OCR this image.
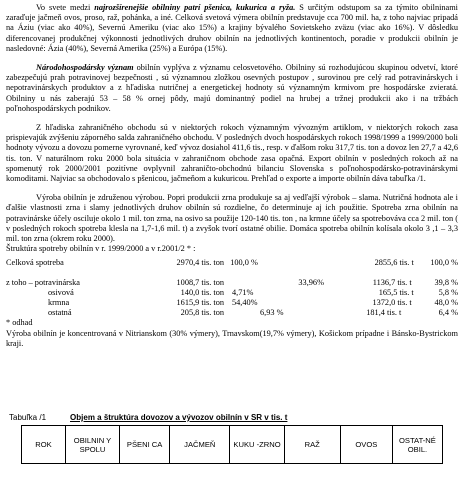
Vo svete medzi najrozšírenejšie obilniny patrí pšenica, kukurica a ryža. S určitým odstupom sa za týmito obilninami zaraďuje jačmeň ovos, proso, raž, pohánka, a iné. Celková svetová výmera obilnín predstavuje cca 700 mil. ha, z toho najviac pripadá na Áziu (viac ako 40%), Severnú Ameriku (viac ako 15%) a krajiny bývalého Sovietskeho zväzu (viac ako 16%). V dôsledku diferencovanej produkčnej výkonnosti jednotlivých druhov obilnín na jednotlivých kontinentoch, poradie v produkcii obilnín je nasledovné: Ázia (40%), Severná Amerika (25%) a Európa (15%).

Národohospodársky význam obilnín vyplýva z významu celosvetového. Obilniny sú rozhodujúcou skupinou odvetví, ktoré zabezpečujú prah potravinovej bezpečnosti , sú významnou zložkou osevných postupov , surovinou pre celý rad potravinárskych i nepotravinárskych produktov a z hľadiska nutričnej a energetickej hodnoty sú významným krmivom pre hospodárske zvieratá. Obilniny u nás zaberajú 53 – 58 % ornej pôdy, majú dominantný podiel na hrubej a tržnej produkcii ako i na tržbách poľnohospodárskych podnikov.

Z hľadiska zahraničného obchodu sú v niektorých rokoch významným vývozným artiklom, v niektorých rokoch zasa prispievajúk zvýšeniu záporného salda zahraničného obchodu. V posledných dvoch hospodárskych rokoch 1998/1999 a 1999/2000 boli hodnoty vývozu a dovozu pomerne vyrovnané, keď vývoz dosiahol 411,6 tis., resp. v ďalšom roku 317,7 tis. ton a dovoz len 27,7 a 42,6 tis. ton. V naturálnom roku 2000 bola situácia v zahraničnom obchode zasa opačná. Export obilnín v posledných rokoch až na spomenutý rok 2000/2001 pozitívne ovplyvnil zahraničto-obchodnú bilanciu Slovenska s poľnohospodársko-potravinárskymi komoditami. Najviac sa obchodovalo s pšenicou, jačmeňom a kukuricou. Prehľad o exporte a importe obilnín dáva tabuľka /1.

Výroba obilnín je združenou výrobou. Popri produkcii zrna produkuje sa aj vedľajší výrobok – slama. Nutričná hodnota ale i ďalšie vlastnosti zrna i slamy jednotlivých druhov obilnín sú rozdielne, čo determinuje aj ich použitie. Spotreba zrna obilnín na potravinárske účely osciluje okolo 1 mil. ton zrna, na osivo sa použije 120-140 tis. ton , na krmne účely sa spotrebováva cca 2 mil. ton ( v posledných rokoch spotreba klesla na 1,7-1,6 mil. t) a zvyšok tvorí ostatné obilie. Domáca spotreba obilnín kolísala okolo 3 ,1 – 3,3 mil. ton zrna (okrem roku 2000).

Štruktúra spotreby obilnín v r. 1999/2000 a v r.2001/2 * :

Celková spotreba	2970,4 tis. ton 100,0 %	2855,6 tis. t 100,0 %
z toho – potravinárska	1008,7 tis. ton	33,96%	1136,7 tis. t	39,8 %
osivová	140,0 tis. ton 4,71%	165,5 tis. t	5,8 %
krmna	1615,9 tis. ton 54,40%	1372,0 tis. t	48,0 %
ostatná	205,8 tis. ton	6,93 %	181,4 tis. t	6,4 %
* odhad

Výroba obilnín je koncentrovaná v Nitrianskom (30% výmery), Trnavskom(19,7% výmery), Košickom prípadne i Bánsko-Bystrickom kraji.

Tabuľka /1	Objem a štruktúra dovozov a vývozov obilnín v SR v tis. t
ROK	OBILNIN Y SPOLU	PŠENI CA	JAČMEŇ	KUKU -ZRNO	RAŽ	OVOS	OSTAT-NÉ OBIL.
